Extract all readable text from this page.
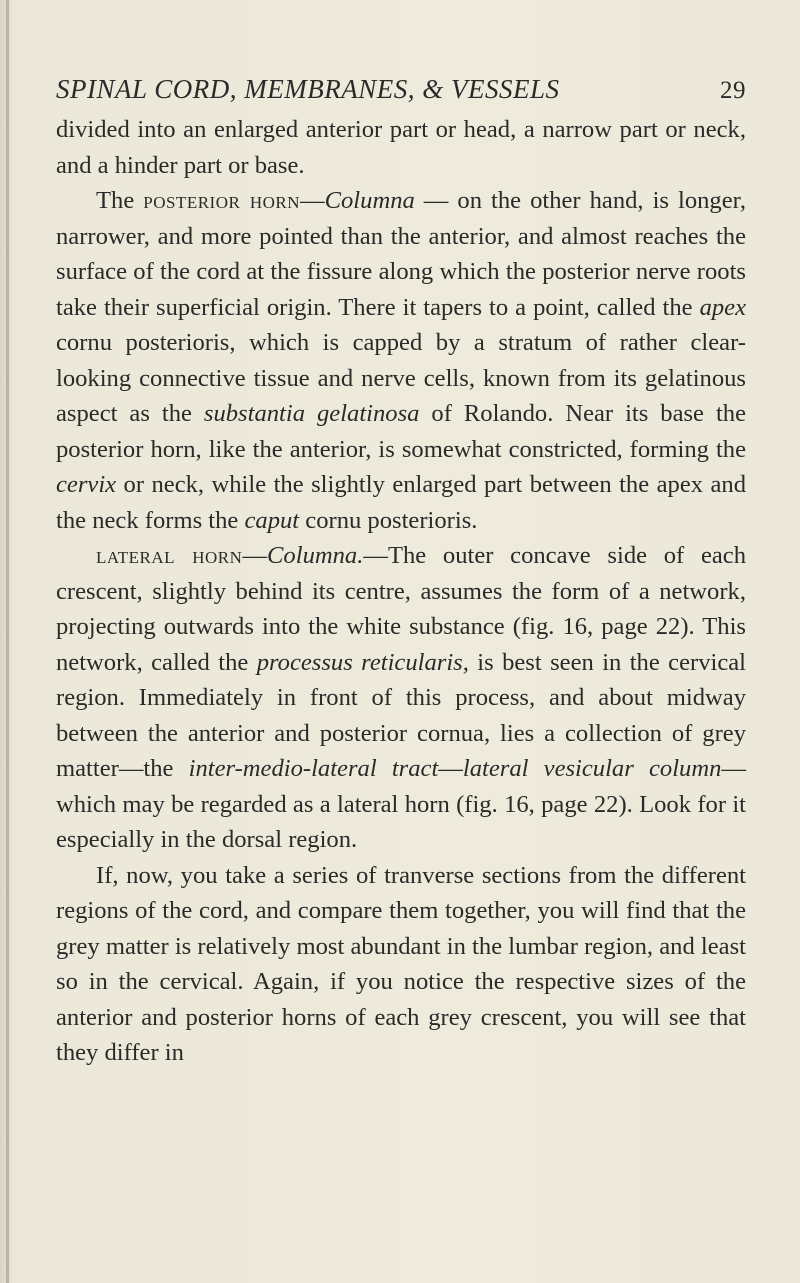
SPINAL CORD, MEMBRANES, & VESSELS	29

divided into an enlarged anterior part or head, a narrow part or neck, and a hinder part or base.

The posterior horn—Columna — on the other hand, is longer, narrower, and more pointed than the anterior, and almost reaches the surface of the cord at the fissure along which the posterior nerve roots take their superficial origin. There it tapers to a point, called the apex cornu posterioris, which is capped by a stratum of rather clear-looking connective tissue and nerve cells, known from its gelatinous aspect as the substantia gelatinosa of Rolando. Near its base the posterior horn, like the anterior, is somewhat constricted, forming the cervix or neck, while the slightly enlarged part between the apex and the neck forms the caput cornu posterioris.

lateral horn—Columna.—The outer concave side of each crescent, slightly behind its centre, assumes the form of a network, projecting outwards into the white substance (fig. 16, page 22). This network, called the processus reticularis, is best seen in the cervical region. Immediately in front of this process, and about midway between the anterior and posterior cornua, lies a collection of grey matter—the inter-medio-lateral tract—lateral vesicular column—which may be regarded as a lateral horn (fig. 16, page 22). Look for it especially in the dorsal region.

If, now, you take a series of tranverse sections from the different regions of the cord, and compare them together, you will find that the grey matter is relatively most abundant in the lumbar region, and least so in the cervical. Again, if you notice the respective sizes of the anterior and posterior horns of each grey crescent, you will see that they differ in
